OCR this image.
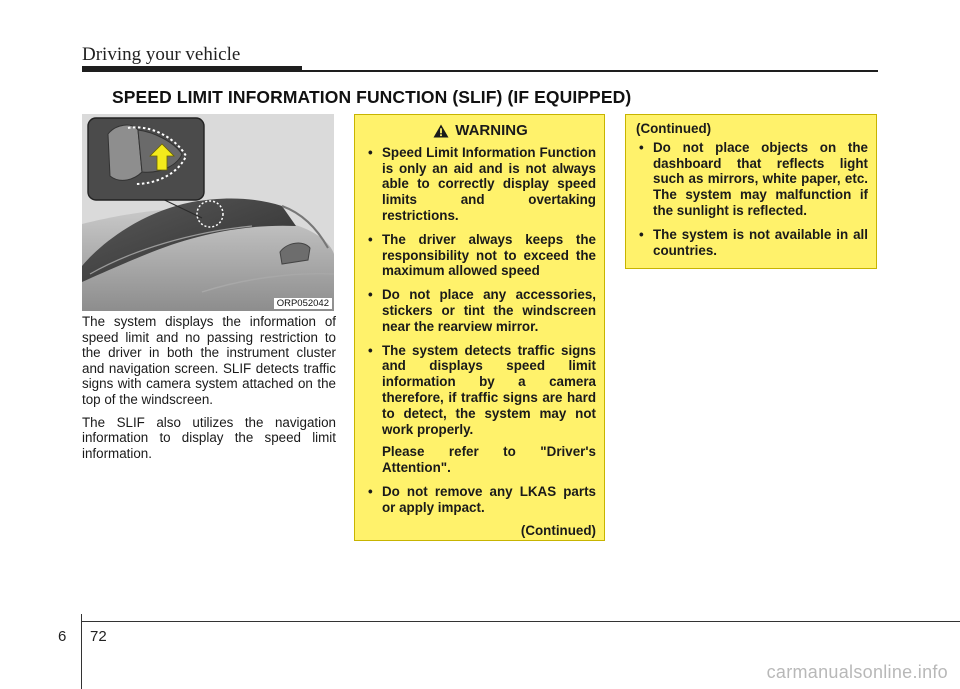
Driving your vehicle
SPEED LIMIT INFORMATION FUNCTION (SLIF) (IF EQUIPPED)
ORP052042

The system displays the information of speed limit and no passing restriction to the driver in both the instrument cluster and navigation screen. SLIF detects traffic signs with camera system attached on the top of the windscreen.

The SLIF also utilizes the navigation information to display the speed limit information.

WARNING

• Speed Limit Information Function is only an aid and is not always able to correctly display speed limits and overtaking restrictions.

• The driver always keeps the responsibility not to exceed the maximum allowed speed

• Do not place any accessories, stickers or tint the windscreen near the rearview mirror.

• The system detects traffic signs and displays speed limit information by a camera therefore, if traffic signs are hard to detect, the system may not work properly.

Please refer to "Driver's Attention".

• Do not remove any LKAS parts or apply impact.

(Continued)
(Continued)

• Do not place objects on the dashboard that reflects light such as mirrors, white paper, etc. The system may malfunction if the sunlight is reflected.

• The system is not available in all countries.

6 72
carmanualsonline.info
